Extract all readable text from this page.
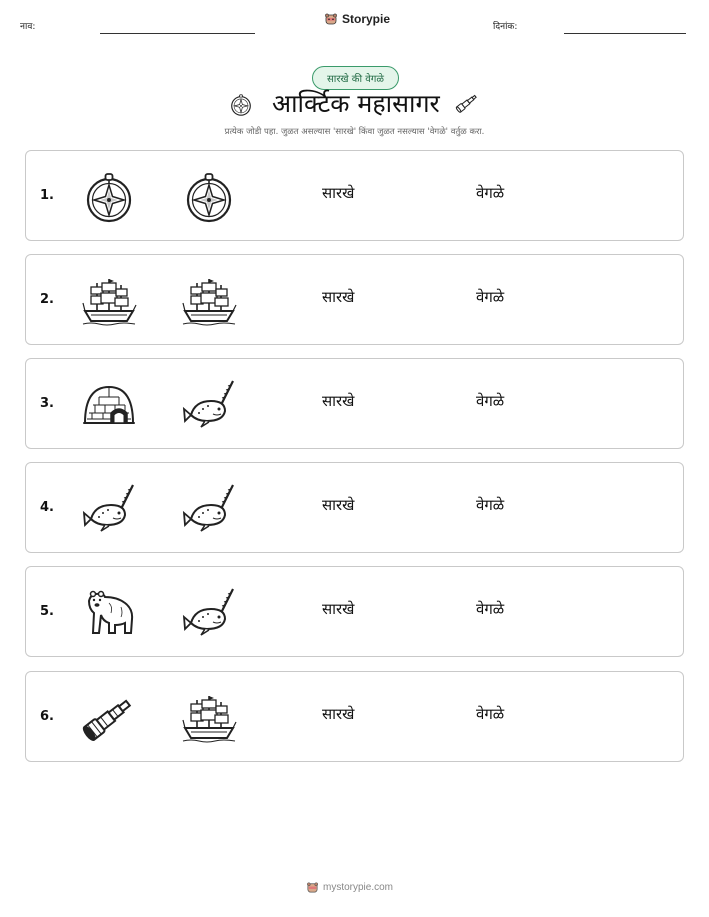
नाव:
Storypie
दिनांक:
सारखे की वेगळे
आर्क्टिक महासागर
प्रत्येक जोडी पहा. जुळत असल्यास 'सारखे' किंवा जुळत नसल्यास 'वेगळे' वर्तुळ करा.
1.	सारखे	वेगळे
2.	सारखे	वेगळे
3.	सारखे	वेगळे
4.	सारखे	वेगळे
5.	सारखे	वेगळे
6.	सारखे	वेगळे
mystorypie.com
